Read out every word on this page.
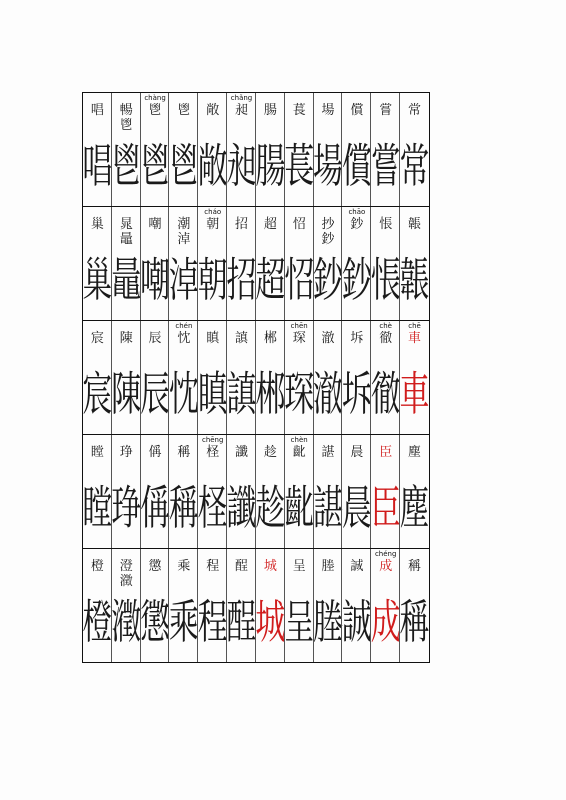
唱
唱
暢 鬯
鬯
chàng
鬯
鬯
鬯
鬯
敞
敞
chǎng
昶
昶
腸
腸
萇
萇
場
場
償
償
嘗
嘗
常
常
巢
巢
晁 鼂
鼂
嘲
嘲
潮 淖
淖
cháo
朝
朝
招
招
超
超
怊
怊
抄 鈔
鈔
chāo
鈔
鈔
悵
悵
韔
韔
宸
宸
陳
陳
辰
辰
chén
忱
忱
瞋
瞋
謓
謓
郴
郴
chēn
琛
琛
澈
澈
坼
坼
chè
徹
徹
chē
車
車
瞠
瞠
琤
琤
偁
偁
稱
稱
chēng
柽
柽
讖
讖
趁
趁
chèn
齔
齔
諶
諶
晨
晨
臣
臣
塵
塵
橙
橙
澄 瀓
瀓
懲
懲
乘
乘
程
程
酲
酲
城
城
呈
呈
塍
塍
誠
誠
chéng
成
成
稱
稱
